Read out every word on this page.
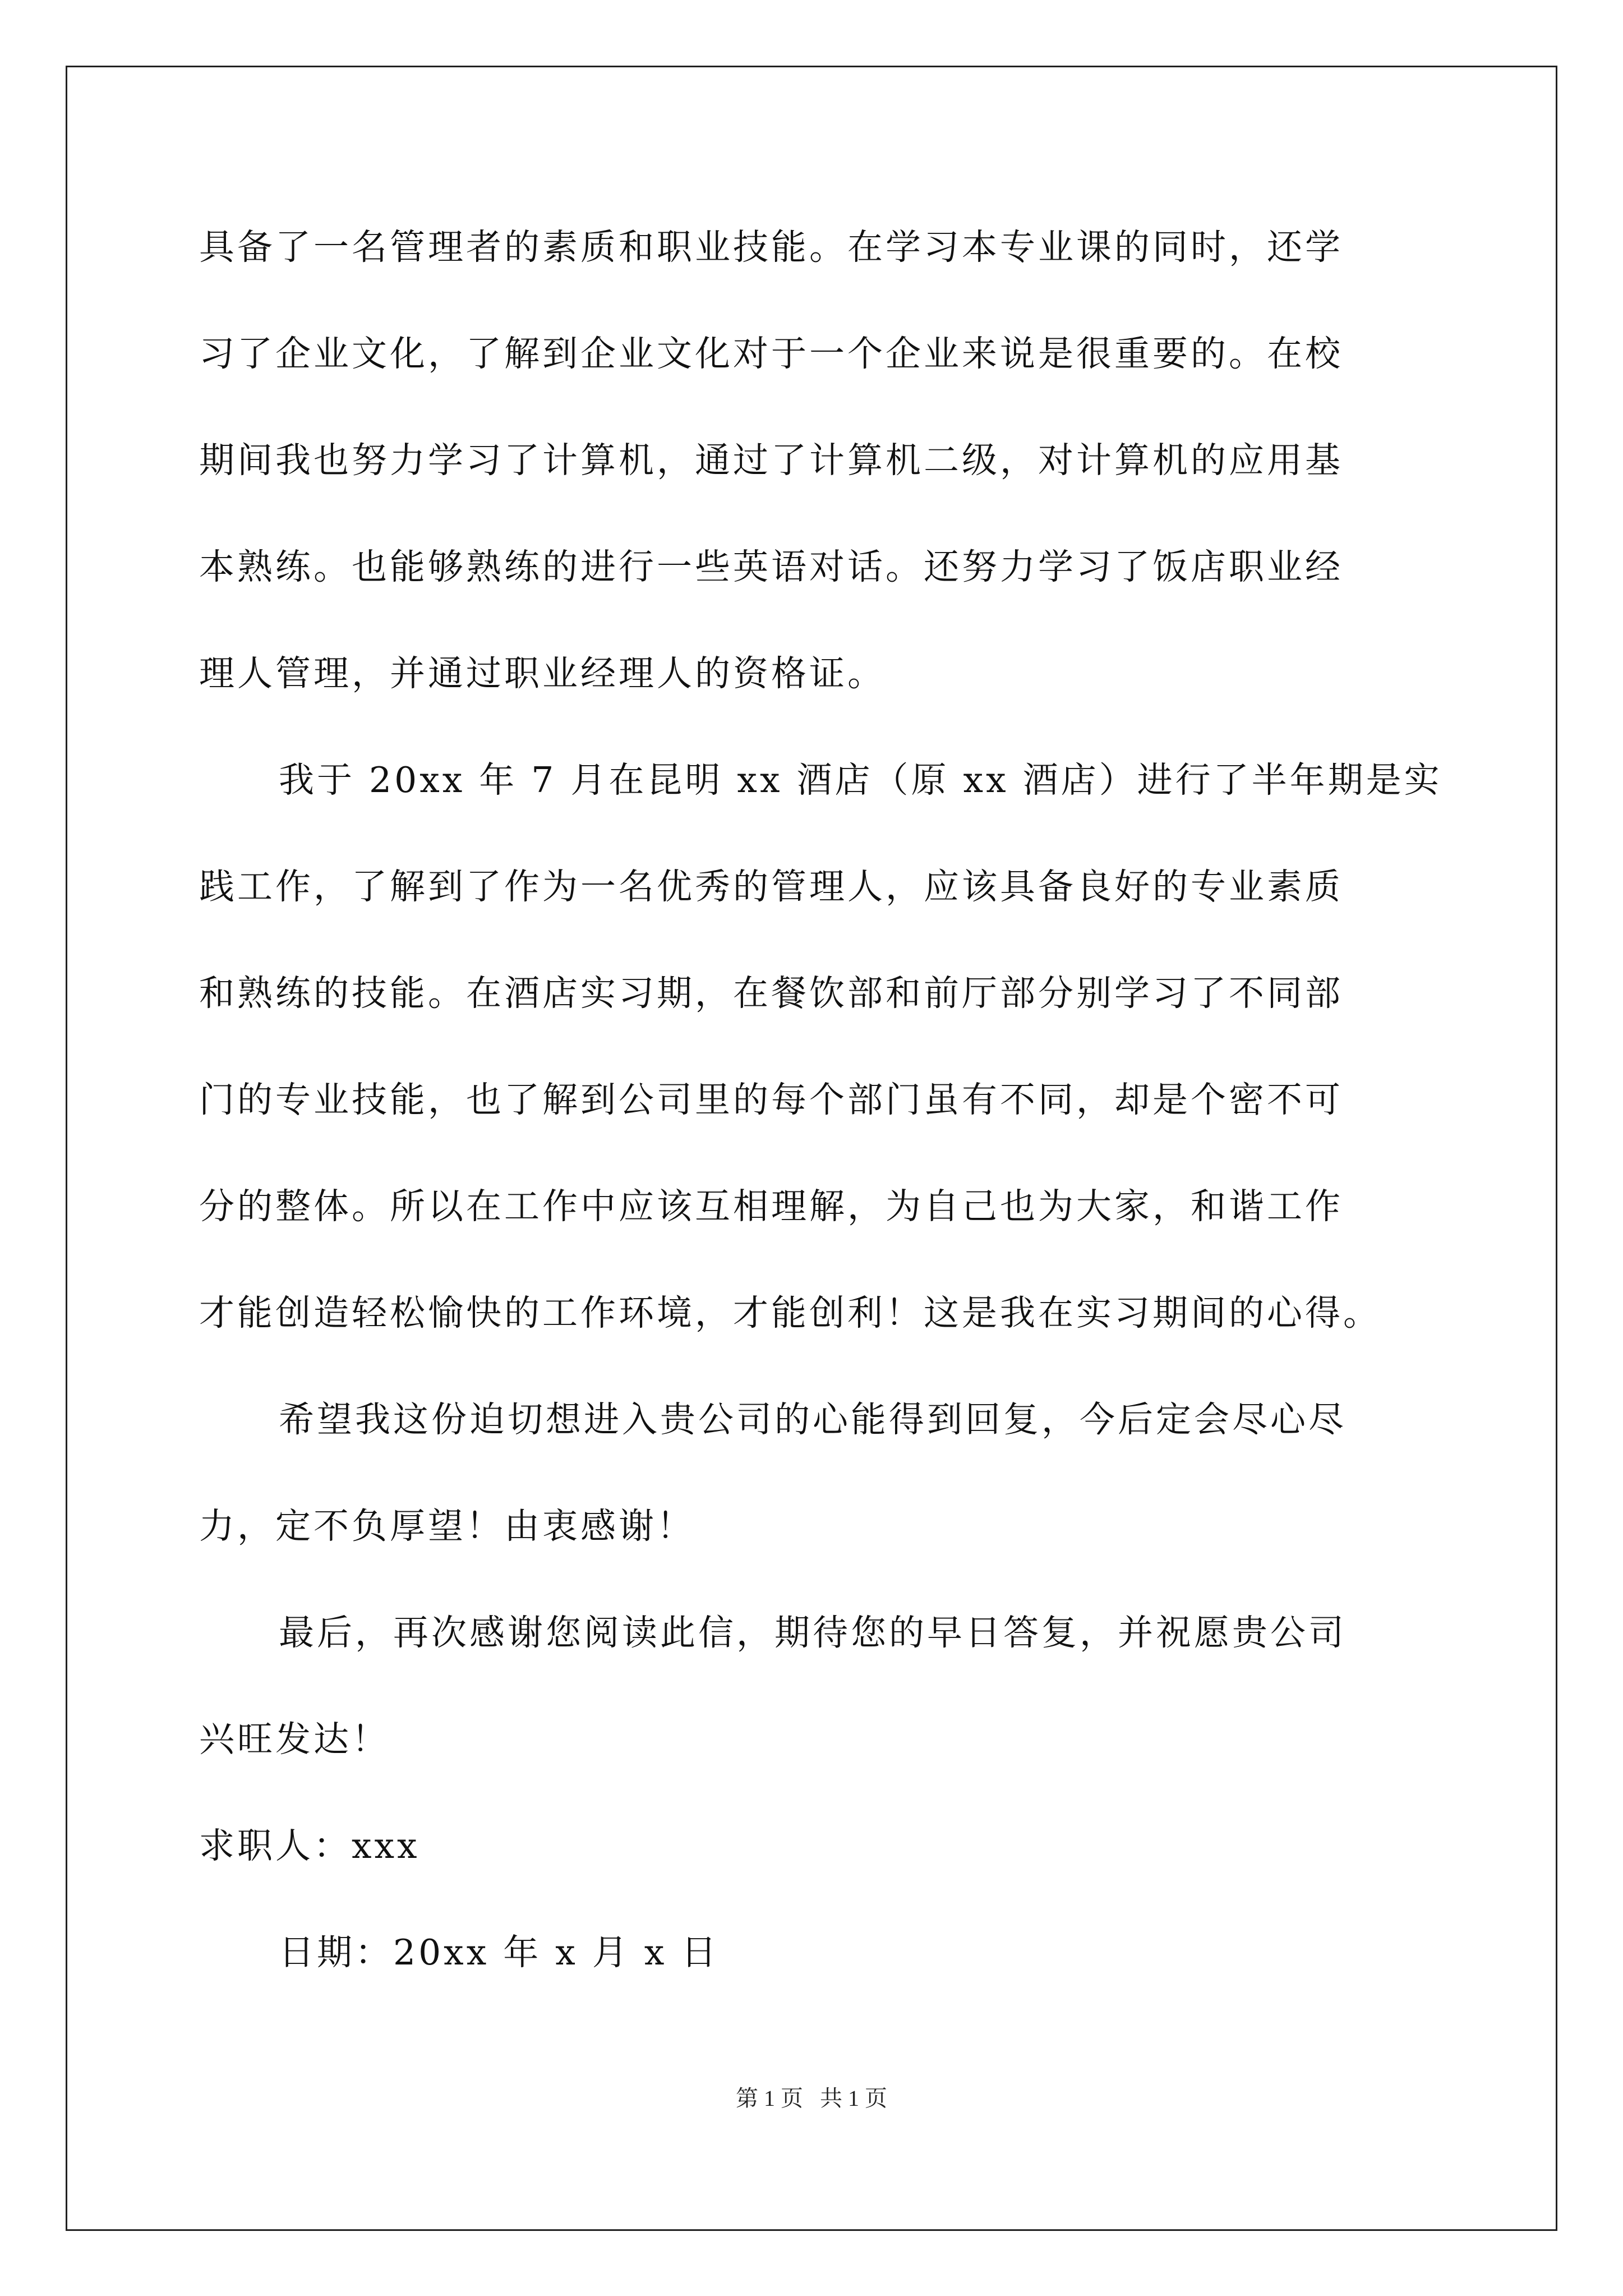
具备了一名管理者的素质和职业技能。在学习本专业课的同时，还学
习了企业文化，了解到企业文化对于一个企业来说是很重要的。在校
期间我也努力学习了计算机，通过了计算机二级，对计算机的应用基
本熟练。也能够熟练的进行一些英语对话。还努力学习了饭店职业经
理人管理，并通过职业经理人的资格证。
我于 20xx 年 7 月在昆明 xx 酒店（原 xx 酒店）进行了半年期是实
践工作，了解到了作为一名优秀的管理人，应该具备良好的专业素质
和熟练的技能。在酒店实习期，在餐饮部和前厅部分别学习了不同部
门的专业技能，也了解到公司里的每个部门虽有不同，却是个密不可
分的整体。所以在工作中应该互相理解，为自己也为大家，和谐工作
才能创造轻松愉快的工作环境，才能创利！这是我在实习期间的心得。
希望我这份迫切想进入贵公司的心能得到回复，今后定会尽心尽
力，定不负厚望！由衷感谢！
最后，再次感谢您阅读此信，期待您的早日答复，并祝愿贵公司
兴旺发达！
求职人：xxx
日期：20xx 年 x 月 x 日
第 1 页   共 1 页
